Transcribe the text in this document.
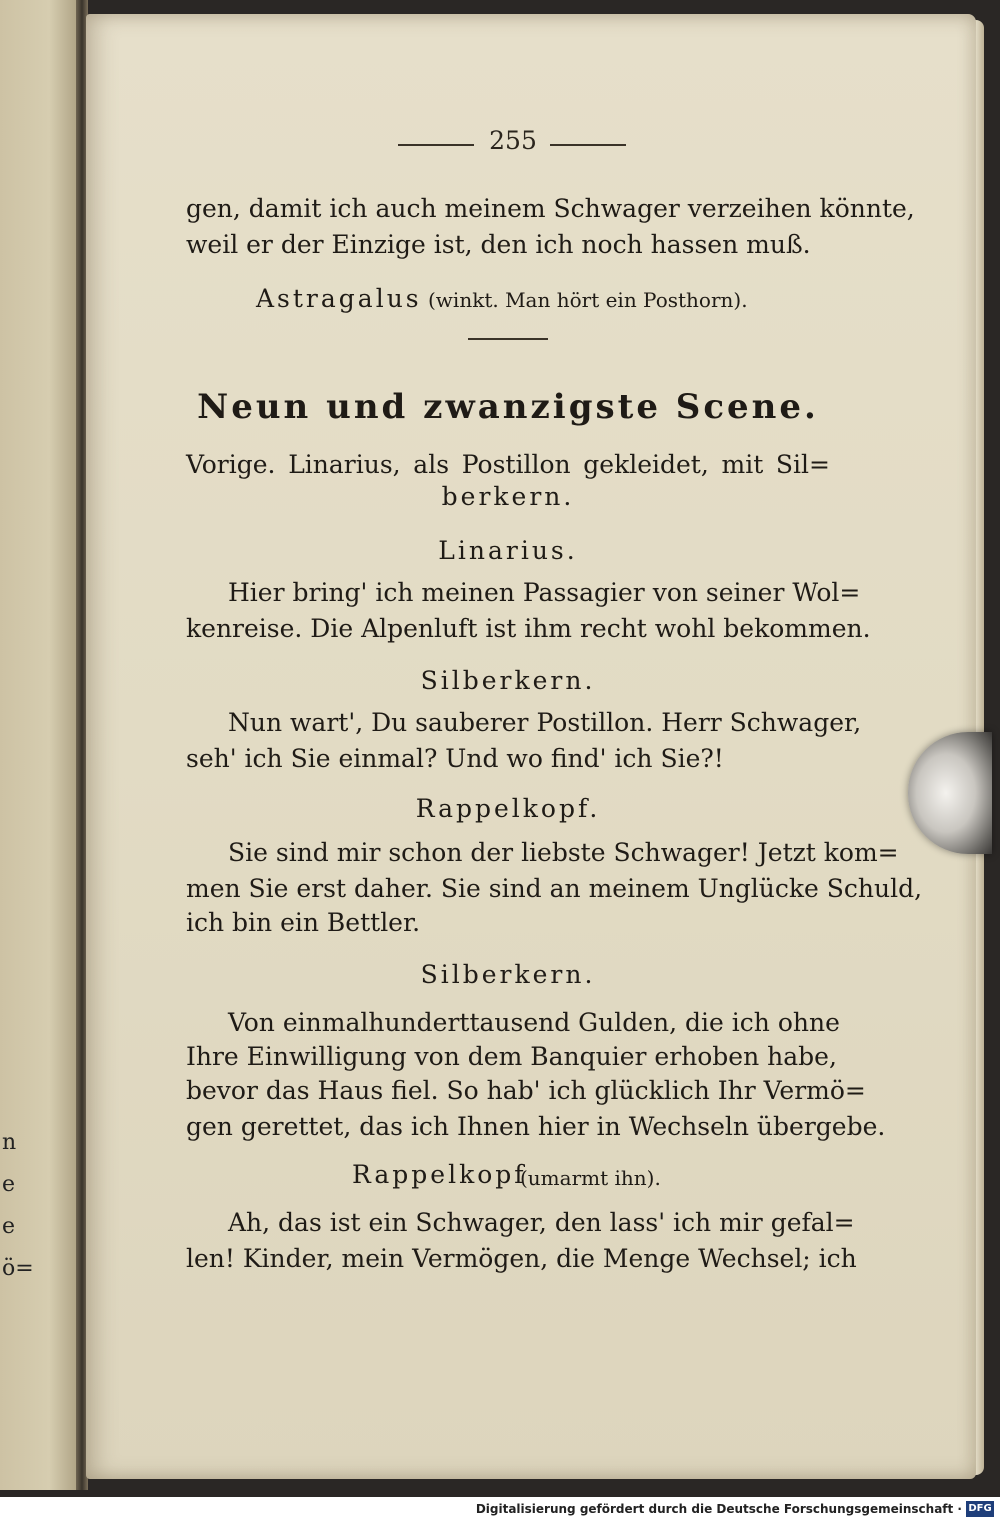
n
e
e
ö=
255
gen, damit ich auch meinem Schwager verzeihen könnte,
weil er der Einzige ist, den ich noch hassen muß.
Astragalus (winkt. Man hört ein Posthorn).
Neun und zwanzigste Scene.
Vorige. Linarius, als Postillon gekleidet, mit Sil=
berkern.
Linarius.
Hier bring' ich meinen Passagier von seiner Wol=
kenreise. Die Alpenluft ist ihm recht wohl bekommen.
Silberkern.
Nun wart', Du sauberer Postillon. Herr Schwager,
seh' ich Sie einmal? Und wo find' ich Sie?!
Rappelkopf.
Sie sind mir schon der liebste Schwager! Jetzt kom=
men Sie erst daher. Sie sind an meinem Unglücke Schuld,
ich bin ein Bettler.
Silberkern.
Von einmalhunderttausend Gulden, die ich ohne
Ihre Einwilligung von dem Banquier erhoben habe,
bevor das Haus fiel. So hab' ich glücklich Ihr Vermö=
gen gerettet, das ich Ihnen hier in Wechseln übergebe.
Rappelkopf
(umarmt ihn).
Ah, das ist ein Schwager, den lass' ich mir gefal=
len! Kinder, mein Vermögen, die Menge Wechsel; ich
Digitalisierung gefördert durch die Deutsche Forschungsgemeinschaft · DFG
